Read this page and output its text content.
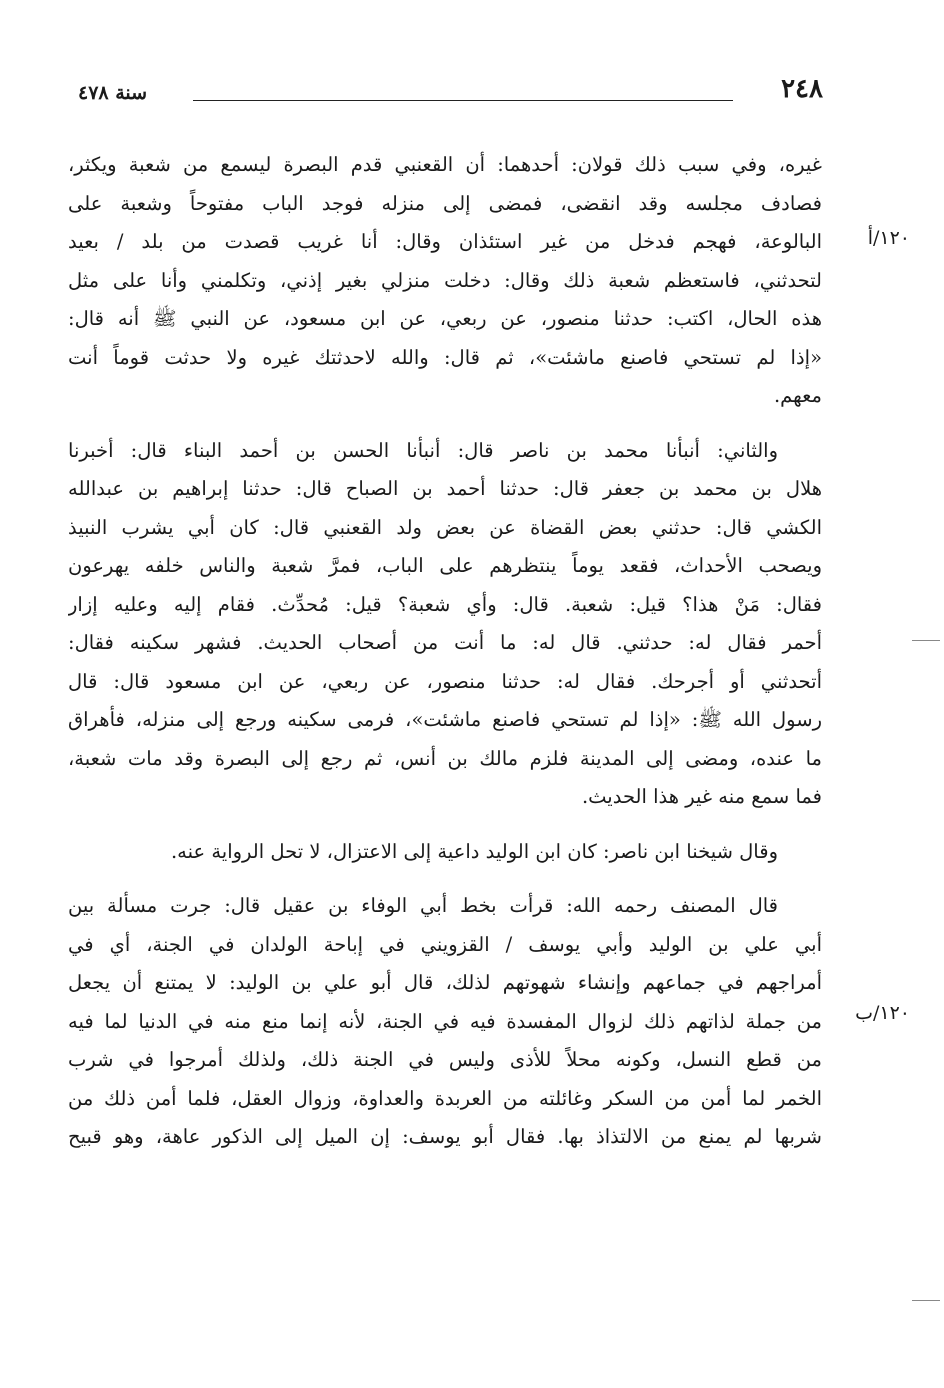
٢٤٨
سنة ٤٧٨
١٢٠/أ
١٢٠/ب
غيره، وفي سبب ذلك قولان: أحدهما: أن القعنبي قدم البصرة ليسمع من شعبة ويكثر،
فصادف مجلسه وقد انقضى، فمضى إلى منزله فوجد الباب مفتوحاً وشعبة على
البالوعة، فهجم فدخل من غير استئذان وقال: أنا غريب قصدت من بلد / بعيد
لتحدثني، فاستعظم شعبة ذلك وقال: دخلت منزلي بغير إذني، وتكلمني وأنا على مثل
هذه الحال، اكتب: حدثنا منصور، عن ربعي، عن ابن مسعود، عن النبي ﷺ أنه قال:
«إذا لم تستحي فاصنع ماشئت»، ثم قال: والله لاحدثتك غيره ولا حدثت قوماً أنت
معهم.
والثاني: أنبأنا محمد بن ناصر قال: أنبأنا الحسن بن أحمد البناء قال: أخبرنا
هلال بن محمد بن جعفر قال: حدثنا أحمد بن الصباح قال: حدثنا إبراهيم بن عبدالله
الكشي قال: حدثني بعض القضاة عن بعض ولد القعنبي قال: كان أبي يشرب النبيذ
ويصحب الأحداث، فقعد يوماً ينتظرهم على الباب، فمرَّ شعبة والناس خلفه يهرعون
فقال: مَنْ هذا؟ قيل: شعبة. قال: وأي شعبة؟ قيل: مُحدِّث. فقام إليه وعليه إزار
أحمر فقال له: حدثني. قال له: ما أنت من أصحاب الحديث. فشهر سكينه فقال:
أتحدثني أو أجرحك. فقال له: حدثنا منصور، عن ربعي، عن ابن مسعود قال: قال
رسول الله ﷺ: «إذا لم تستحي فاصنع ماشئت»، فرمى سكينه ورجع إلى منزله، فأهراق
ما عنده، ومضى إلى المدينة فلزم مالك بن أنس، ثم رجع إلى البصرة وقد مات شعبة،
فما سمع منه غير هذا الحديث.
وقال شيخنا ابن ناصر: كان ابن الوليد داعية إلى الاعتزال، لا تحل الرواية عنه.
قال المصنف رحمه الله: قرأت بخط أبي الوفاء بن عقيل قال: جرت مسألة بين
أبي علي بن الوليد وأبي يوسف / القزويني في إباحة الولدان في الجنة، أي في
أمراجهم في جماعهم وإنشاء شهوتهم لذلك، قال أبو علي بن الوليد: لا يمتنع أن يجعل
من جملة لذاتهم ذلك لزوال المفسدة فيه في الجنة، لأنه إنما منع منه في الدنيا لما فيه
من قطع النسل، وكونه محلاً للأذى وليس في الجنة ذلك، ولذلك أمرجوا في شرب
الخمر لما أمن من السكر وغائلته من العربدة والعداوة، وزوال العقل، فلما أمن ذلك من
شربها لم يمنع من الالتذاذ بها. فقال أبو يوسف: إن الميل إلى الذكور عاهة، وهو قبيح
